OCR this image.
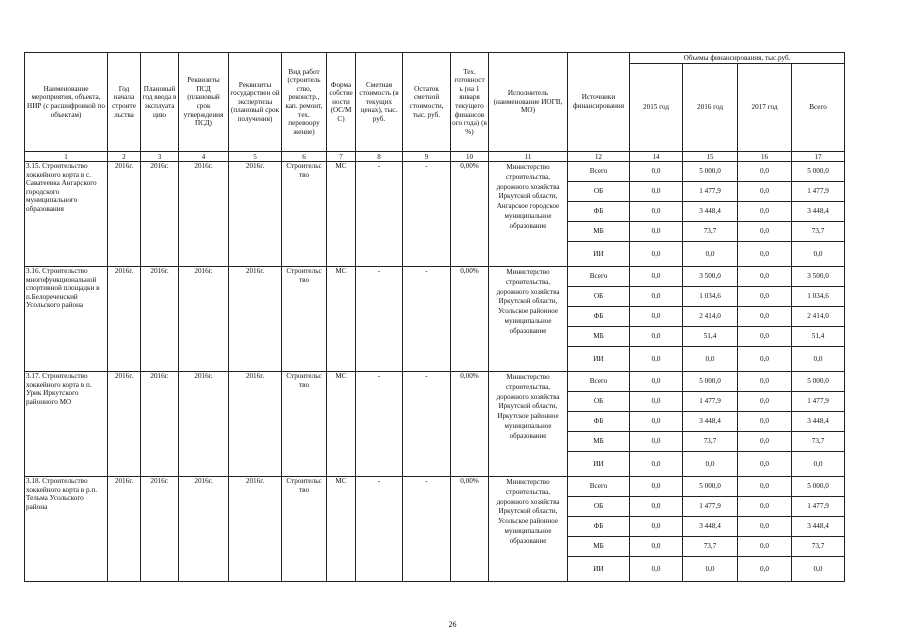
Наименование мероприятия, объекта, НИР (с расшифровкой по объектам)	Год начала строите льства	Плановый год ввода в эксплуата цию	Реквизиты ПСД (плановый срок утверждения ПСД)	Реквизиты государствен ой экспертизы (плановый срок получения)	Вид работ (строитель ство, реконстр., кап. ремонт, тех. перевоору жение)	Форма собстве ности (ОС/М С)	Сметная стоимость (в текущих ценах), тыс. руб.	Остаток сметной стоимости, тыс. руб.	Тех. готовност ь (на 1 января текущего финансов ого года) (в %)	Исполнитель (наименование ИОГВ, МО)	Источники финансирования	Объемы финансирования, тыс.руб.			
												2015 год	2016 год	2017 год	Всего
1	2	3	4	5	6	7	8	9	10	11	12	14	15	16	17
3.15. Строительство хоккейного корта в с. Саватеевка Ангарского городского муниципального образования	2016г.	2016г.	2016г.	2016г.	Строительс тво	МС	-	-	0,00%	Министерство строительства, дорожного хозяйства Иркутской области, Ангарское городское муниципальное образование	Всего	0,0	5 000,0	0,0	5 000,0
											ОБ	0,0	1 477,9	0,0	1 477,9
											ФБ	0,0	3 448,4	0,0	3 448,4
											МБ	0,0	73,7	0,0	73,7
											ИИ	0,0	0,0	0,0	0,0
3.16. Строительство многофункциональной спортивной площадки в п.Белореченский Усольского района	2016г.	2016г.	2016г.	2016г.	Строительс тво	МС	-	-	0,00%	Министерство строительства, дорожного хозяйства Иркутской области, Усольское районное муниципальное образование	Всего	0,0	3 500,0	0,0	3 500,0
											ОБ	0,0	1 034,6	0,0	1 034,6
											ФБ	0,0	2 414,0	0,0	2 414,0
											МБ	0,0	51,4	0,0	51,4
											ИИ	0,0	0,0	0,0	0,0
3.17. Строительство хоккейного корта в п. Урик Иркутского районного МО	2016г.	2016г.	2016г.	2016г.	Строительс тво	МС	-	-	0,00%	Министерство строительства, дорожного хозяйства Иркутской области, Иркутское районное муниципальное образование	Всего	0,0	5 000,0	0,0	5 000,0
											ОБ	0,0	1 477,9	0,0	1 477,9
											ФБ	0,0	3 448,4	0,0	3 448,4
											МБ	0,0	73,7	0,0	73,7
											ИИ	0,0	0,0	0,0	0,0
3.18. Строительство хоккейного корта в р.п. Тельма Усольского района	2016г.	2016г.	2016г.	2016г.	Строительс тво	МС	-	-	0,00%	Министерство строительства, дорожного хозяйства Иркутской области, Усольское районное муниципальное образование	Всего	0,0	5 000,0	0,0	5 000,0
											ОБ	0,0	1 477,9	0,0	1 477,9
											ФБ	0,0	3 448,4	0,0	3 448,4
											МБ	0,0	73,7	0,0	73,7
											ИИ	0,0	0,0	0,0	0,0
26
